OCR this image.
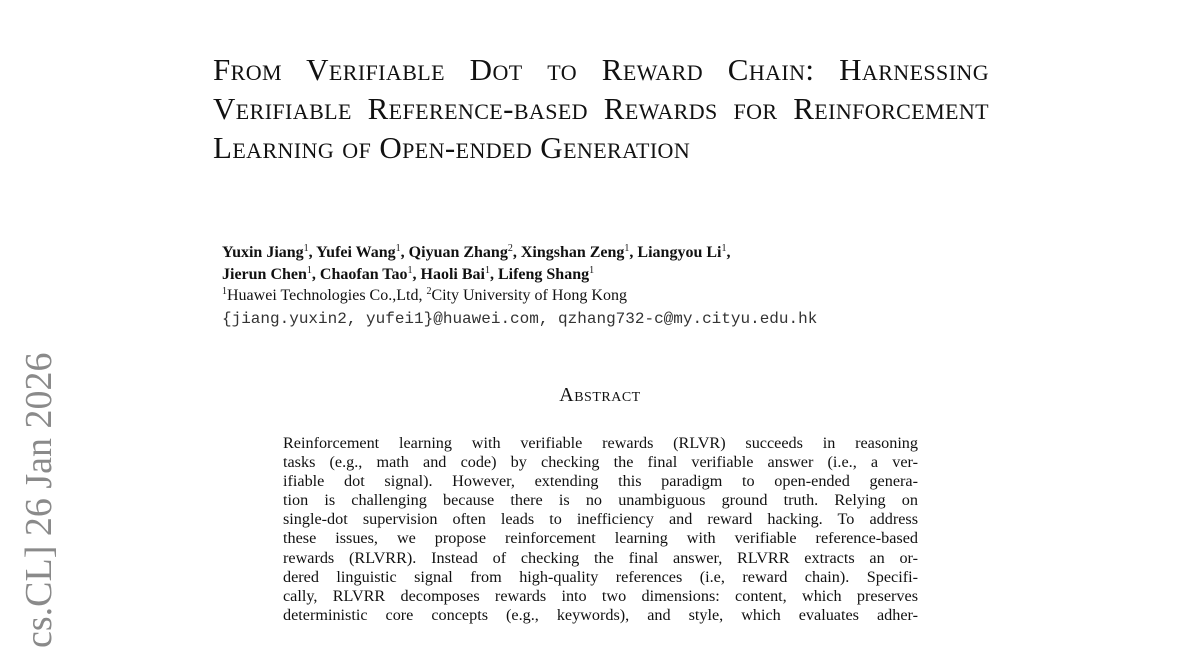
cs.CL] 26 Jan 2026
From Verifiable Dot to Reward Chain: Harnessing Verifiable Reference-based Rewards for Reinforcement Learning of Open-ended Generation
Yuxin Jiang$^1$, Yufei Wang$^1$, Qiyuan Zhang$^2$, Xingshan Zeng$^1$, Liangyou Li$^1$,
Jierun Chen$^1$, Chaofan Tao$^1$, Haoli Bai$^1$, Lifeng Shang$^1$
$^1$Huawei Technologies Co.,Ltd, $^2$City University of Hong Kong
{jiang.yuxin2, yufei1}@huawei.com, qzhang732-c@my.cityu.edu.hk
Abstract
Reinforcement learning with verifiable rewards (RLVR) succeeds in reasoning
tasks (e.g., math and code) by checking the final verifiable answer (i.e., a ver-
ifiable dot signal). However, extending this paradigm to open-ended genera-
tion is challenging because there is no unambiguous ground truth. Relying on
single-dot supervision often leads to inefficiency and reward hacking. To address
these issues, we propose reinforcement learning with verifiable reference-based
rewards (RLVRR). Instead of checking the final answer, RLVRR extracts an or-
dered linguistic signal from high-quality references (i.e, reward chain). Specifi-
cally, RLVRR decomposes rewards into two dimensions: content, which preserves
deterministic core concepts (e.g., keywords), and style, which evaluates adher-
